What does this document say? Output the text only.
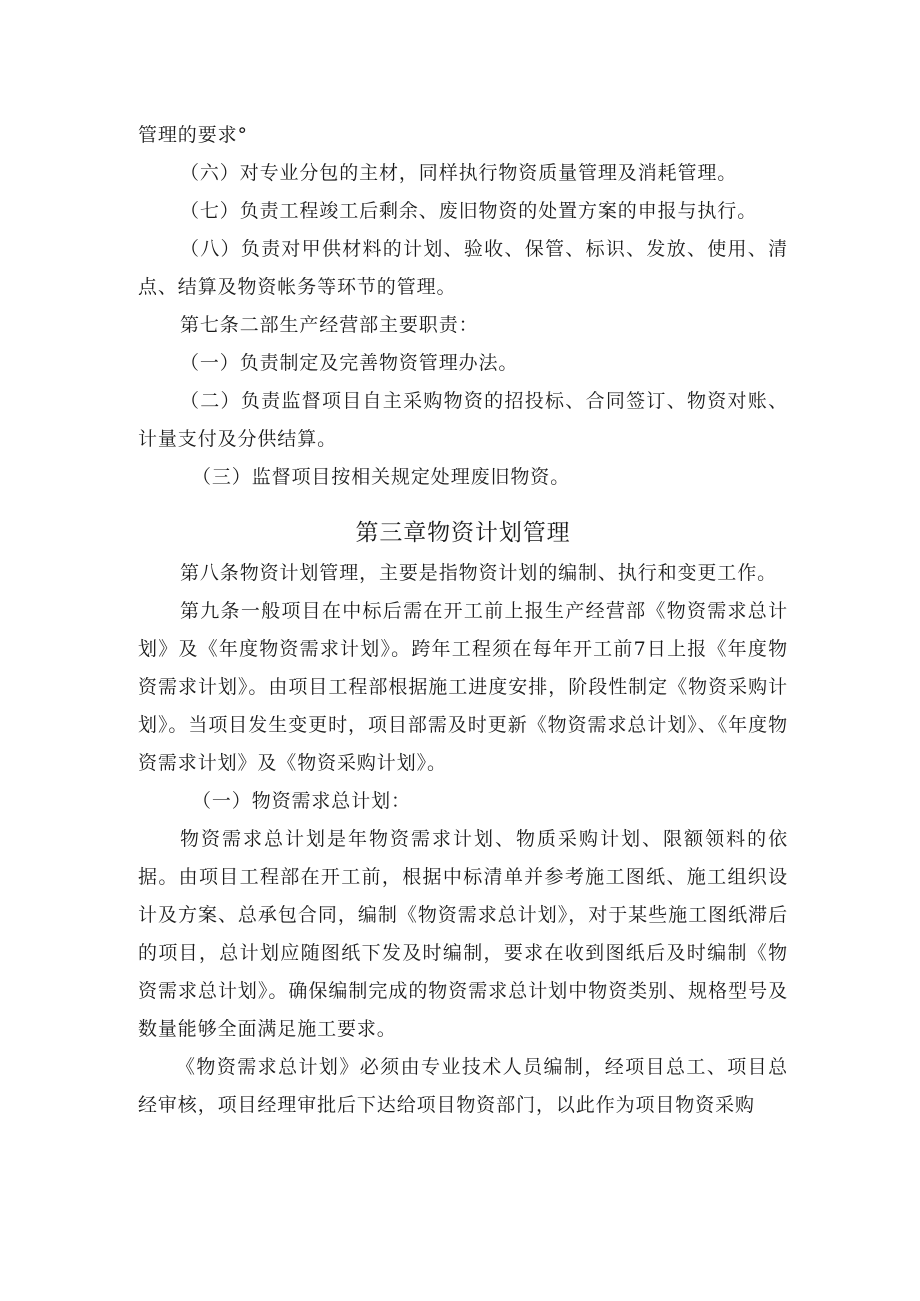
管理的要求°

（六）对专业分包的主材，同样执行物资质量管理及消耗管理。

（七）负责工程竣工后剩余、废旧物资的处置方案的申报与执行。

（八）负责对甲供材料的计划、验收、保管、标识、发放、使用、清点、结算及物资帐务等环节的管理。

第七条二部生产经营部主要职责：

（一）负责制定及完善物资管理办法。

（二）负责监督项目自主采购物资的招投标、合同签订、物资对账、计量支付及分供结算。

（三）监督项目按相关规定处理废旧物资。

第三章物资计划管理

第八条物资计划管理，主要是指物资计划的编制、执行和变更工作。

第九条一般项目在中标后需在开工前上报生产经营部《物资需求总计划》及《年度物资需求计划》。跨年工程须在每年开工前7日上报《年度物资需求计划》。由项目工程部根据施工进度安排，阶段性制定《物资采购计划》。当项目发生变更时，项目部需及时更新《物资需求总计划》、《年度物资需求计划》及《物资采购计划》。

（一）物资需求总计划：

物资需求总计划是年物资需求计划、物质采购计划、限额领料的依据。由项目工程部在开工前，根据中标清单并参考施工图纸、施工组织设计及方案、总承包合同，编制《物资需求总计划》，对于某些施工图纸滞后的项目，总计划应随图纸下发及时编制，要求在收到图纸后及时编制《物资需求总计划》。确保编制完成的物资需求总计划中物资类别、规格型号及数量能够全面满足施工要求。

《物资需求总计划》必须由专业技术人员编制，经项目总工、项目总经审核，项目经理审批后下达给项目物资部门，以此作为项目物资采购
